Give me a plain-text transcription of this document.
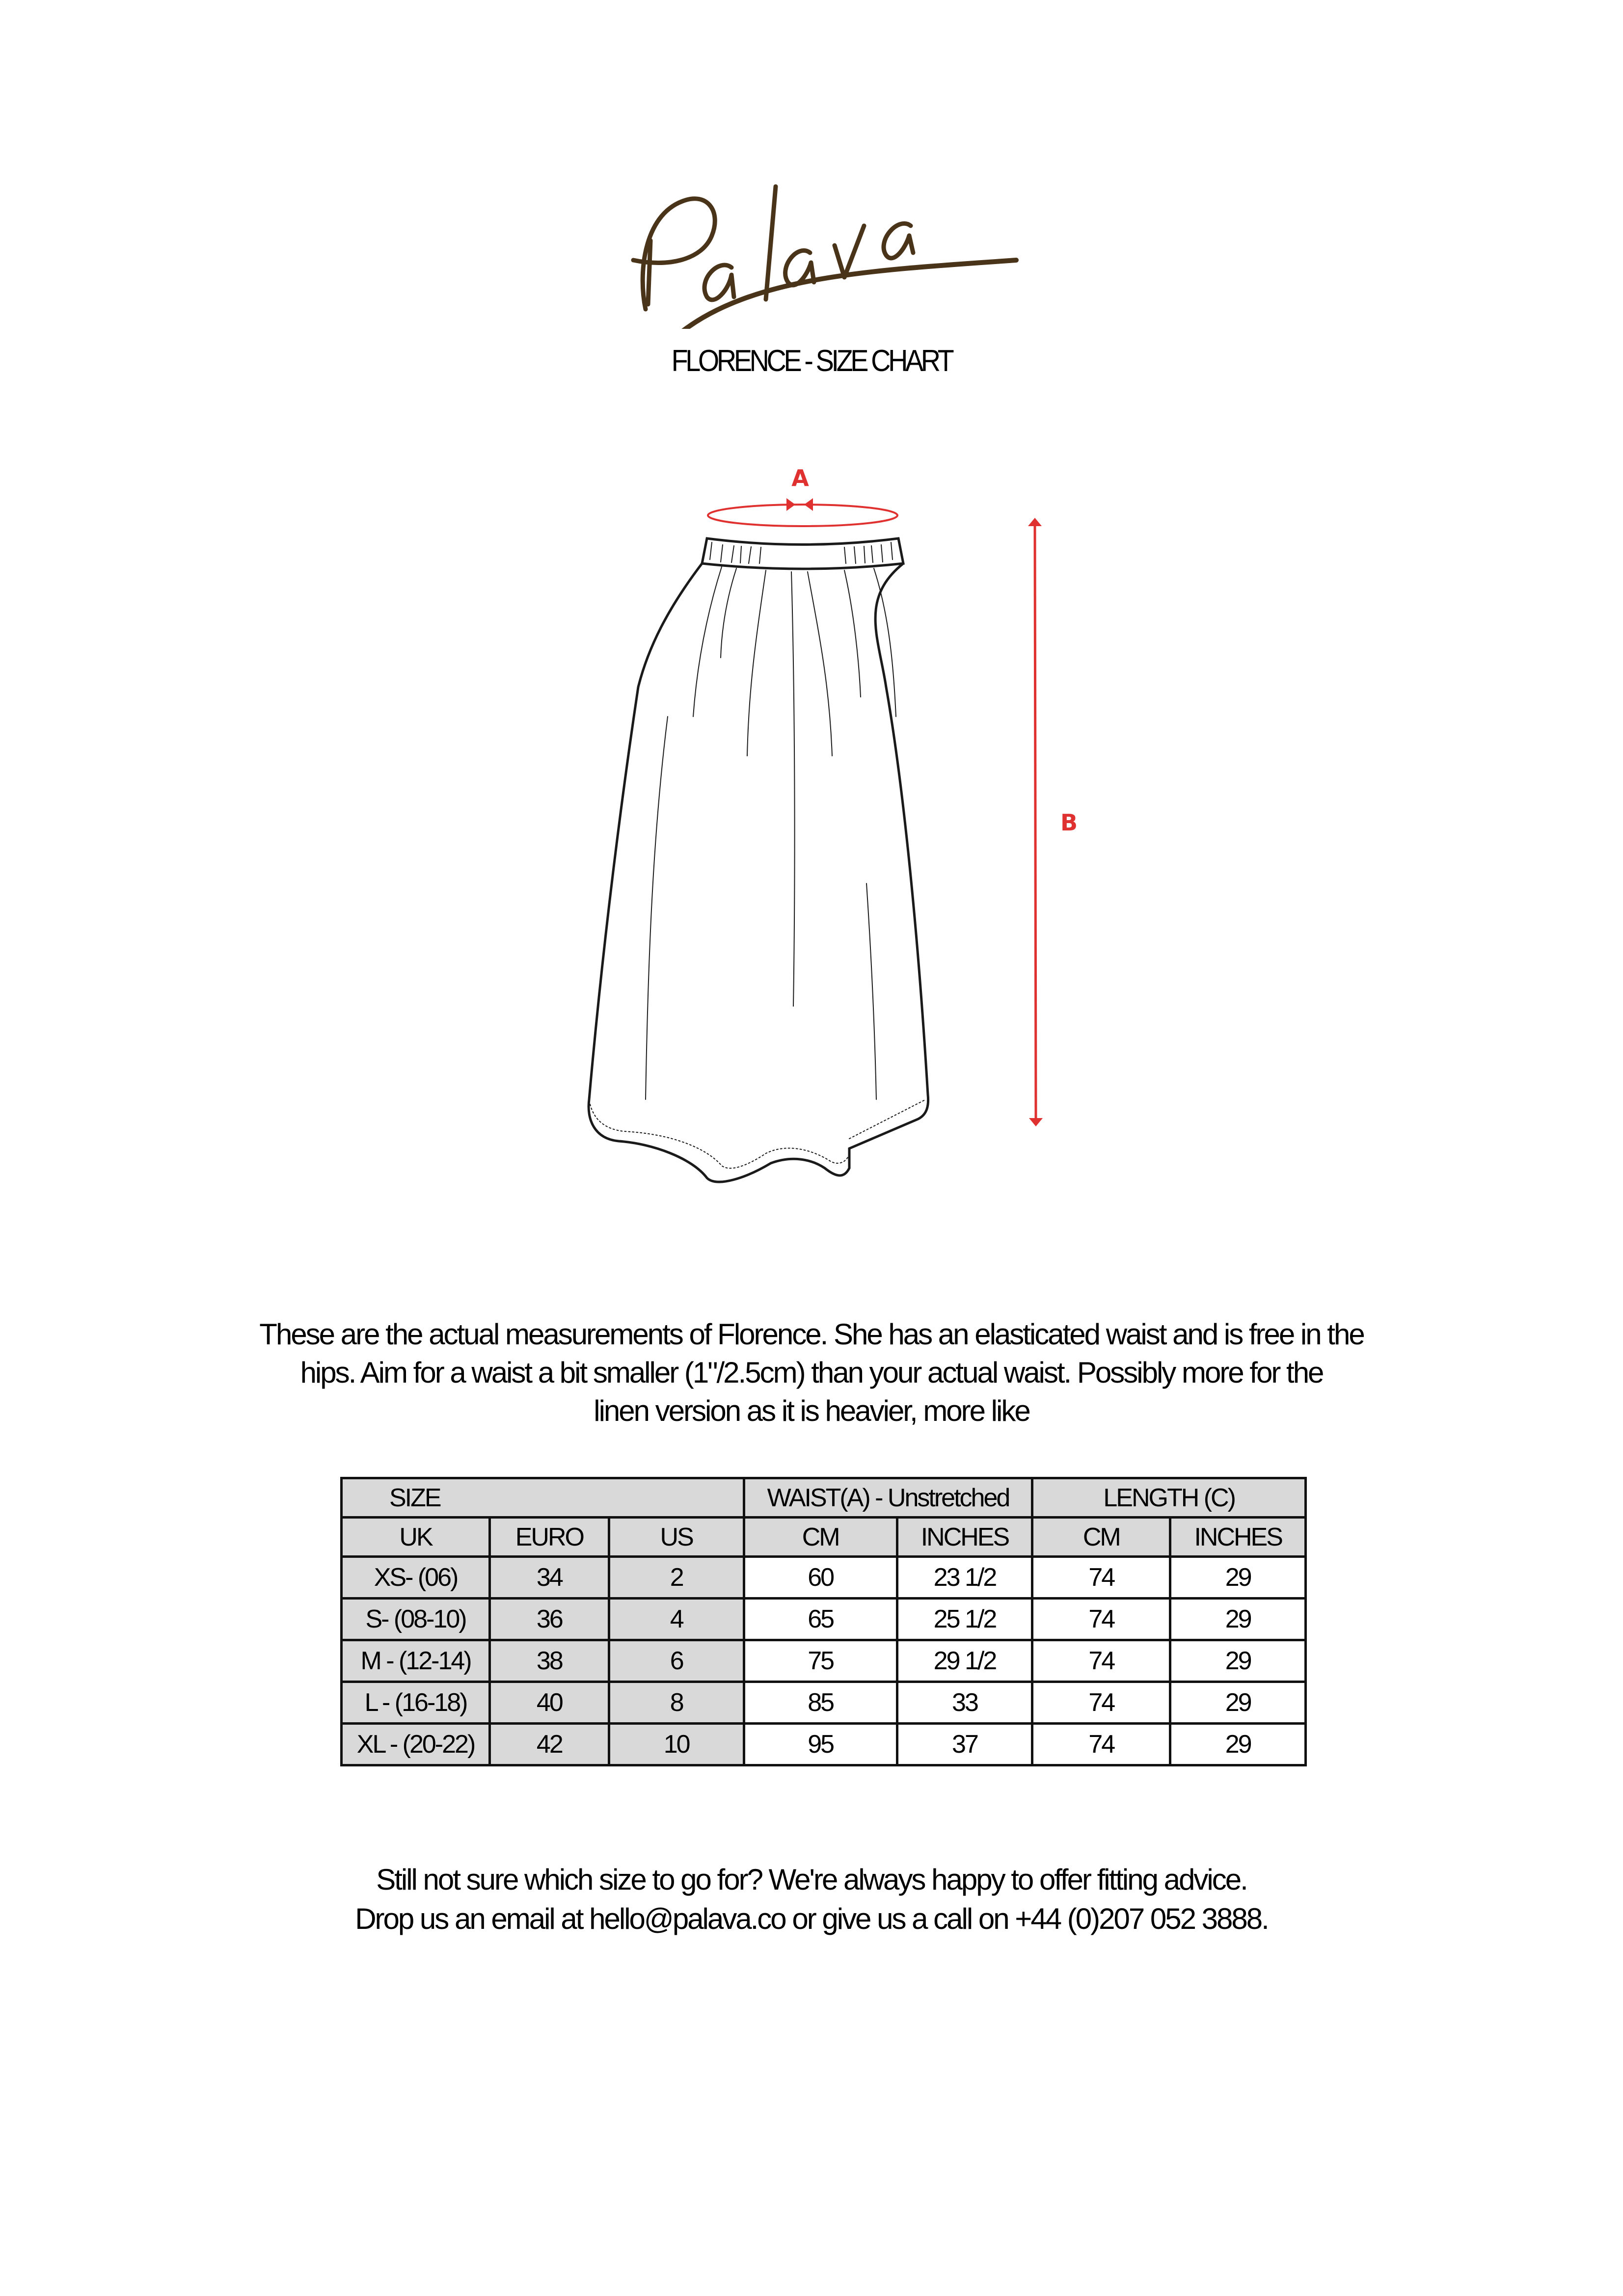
FLORENCE - SIZE CHART
A
B

These are the actual measurements of Florence. She has an elasticated waist and is free in the

hips. Aim for a waist a bit smaller (1"/2.5cm) than your actual waist. Possibly more for the

linen version as it is heavier, more like

SIZE			WAIST(A) - Unstretched		LENGTH (C)	
UK	EURO	US	CM	INCHES	CM	INCHES
XS- (06)	34	2	60	23 1/2	74	29
S- (08-10)	36	4	65	25 1/2	74	29
M - (12-14)	38	6	75	29 1/2	74	29
L - (16-18)	40	8	85	33	74	29
XL - (20-22)	42	10	95	37	74	29

Still not sure which size to go for? We're always happy to offer fitting advice.

Drop us an email at hello@palava.co or give us a call on +44 (0)207 052 3888.
